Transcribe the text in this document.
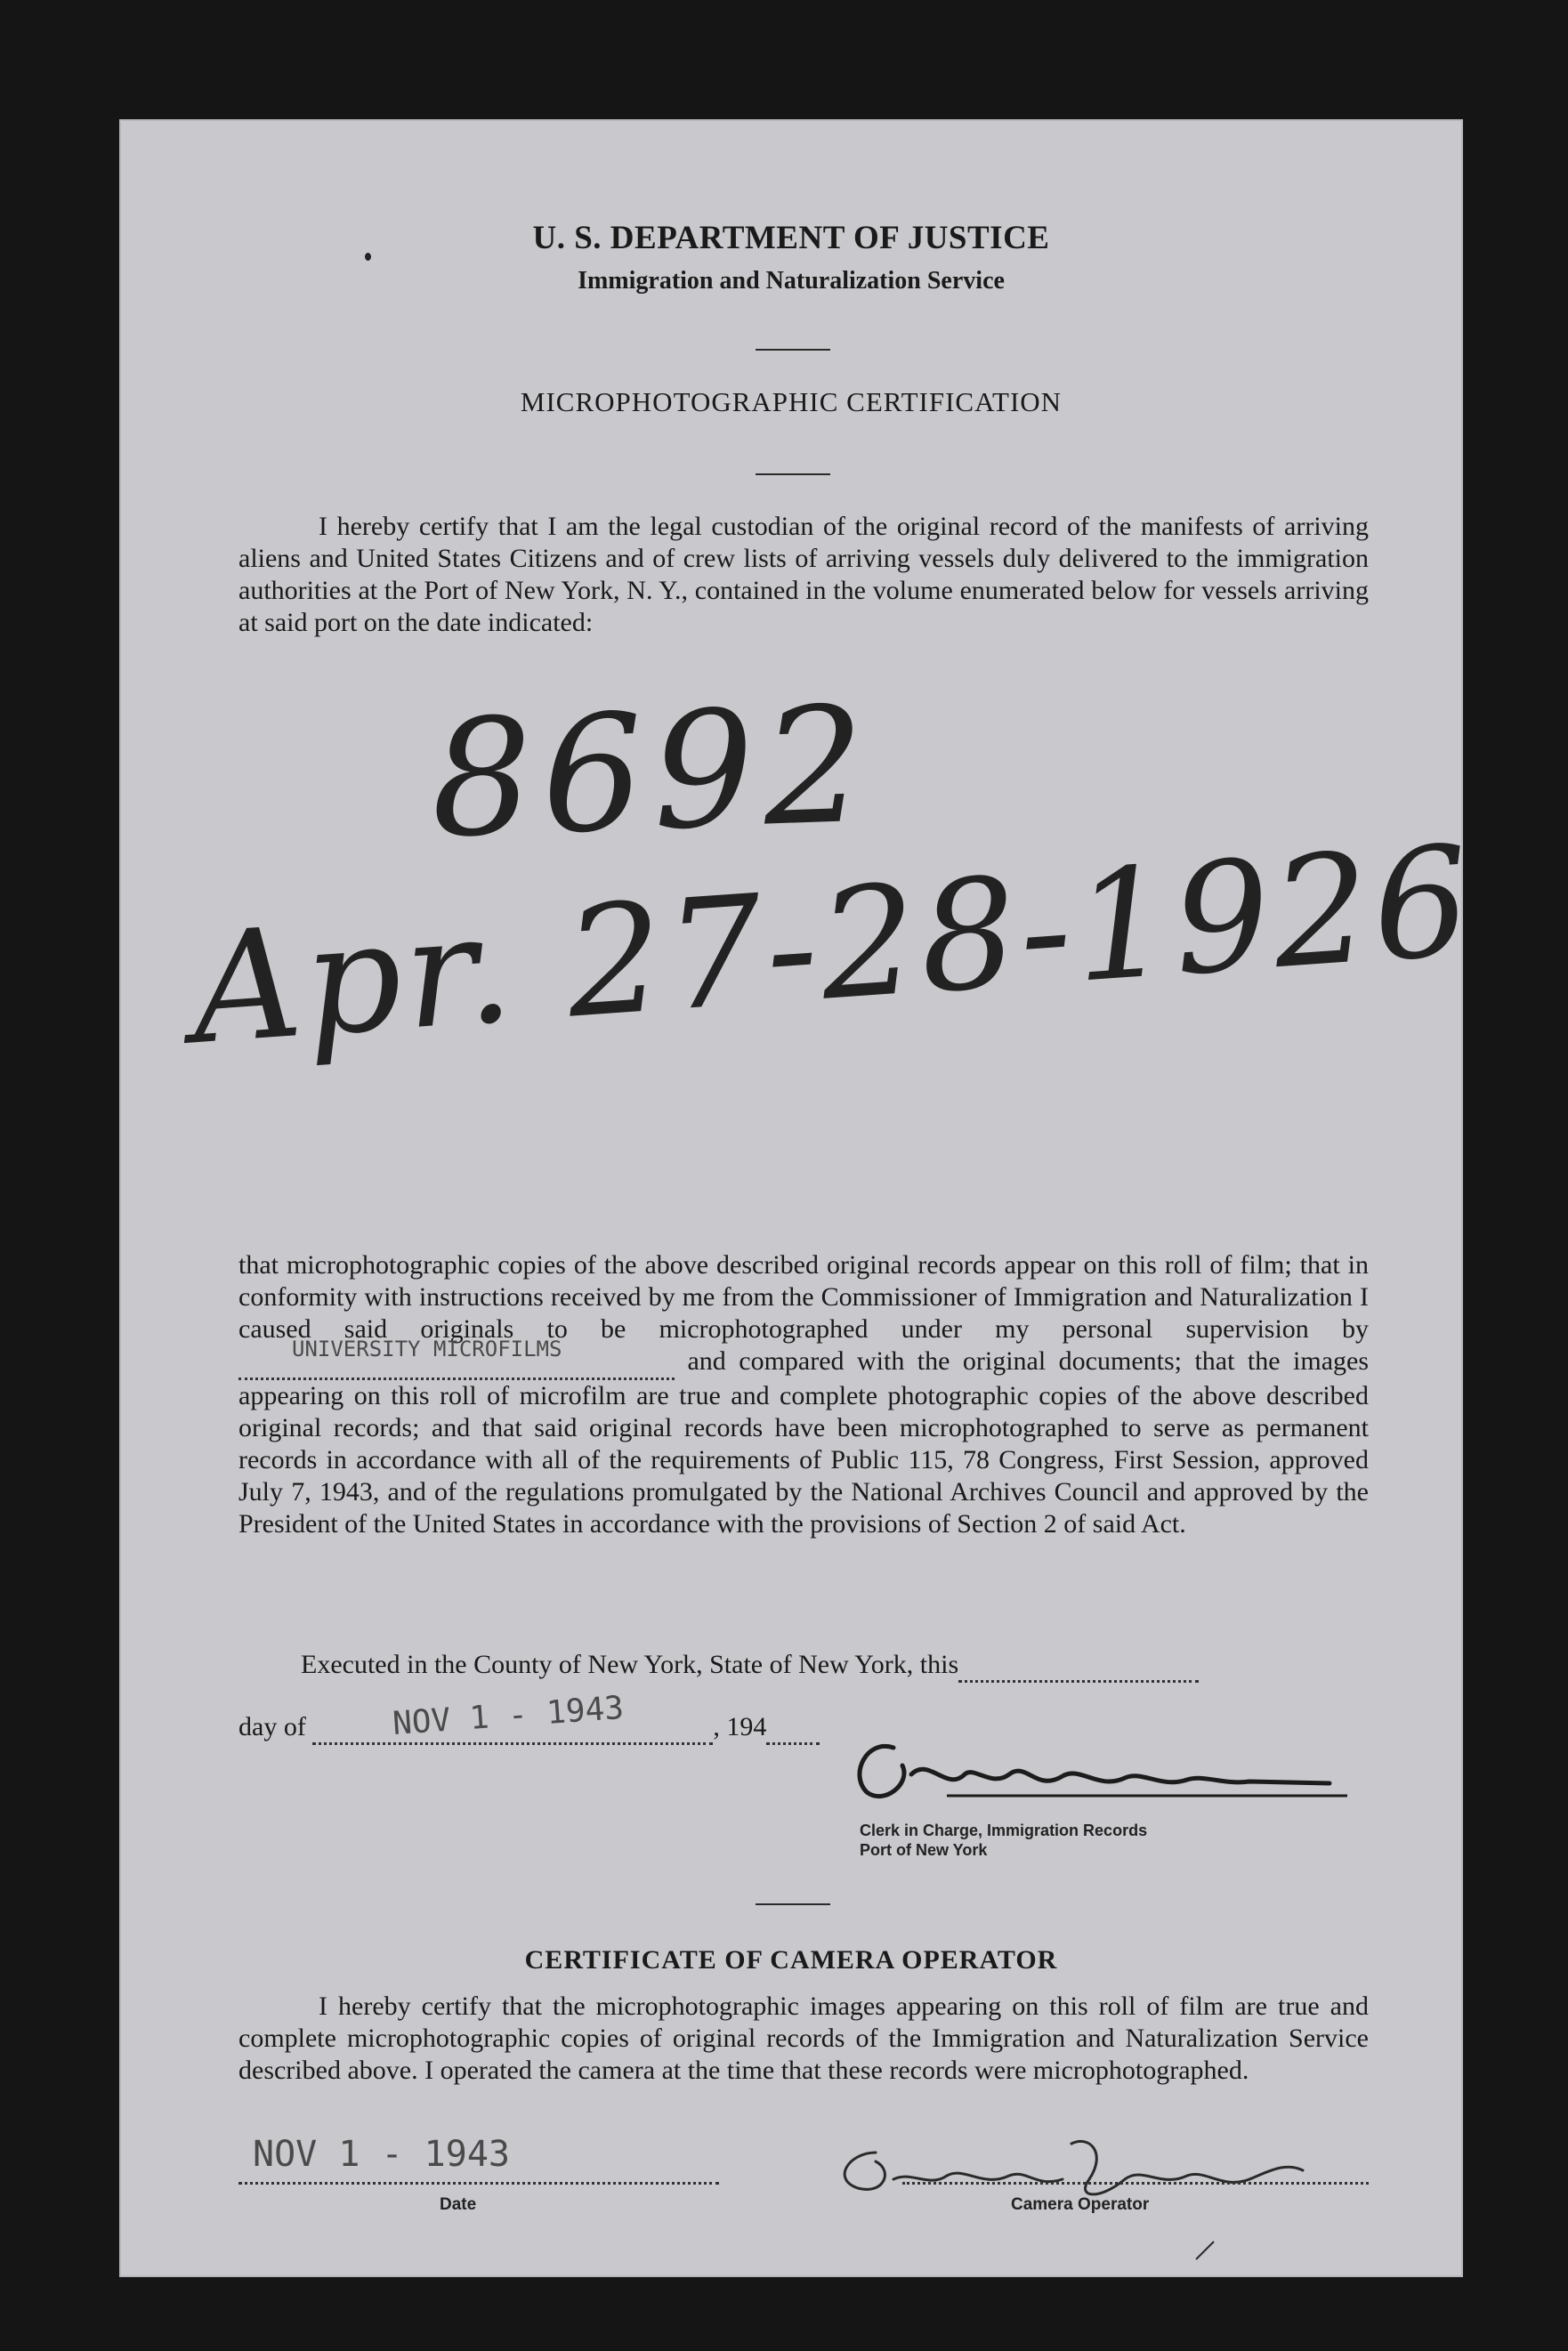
U. S. DEPARTMENT OF JUSTICE
Immigration and Naturalization Service
MICROPHOTOGRAPHIC CERTIFICATION
I hereby certify that I am the legal custodian of the original record of the manifests of arriving aliens and United States Citizens and of crew lists of arriving vessels duly delivered to the immigration authorities at the Port of New York, N. Y., contained in the volume enumerated below for vessels arriving at said port on the date indicated:
8692
Apr. 27-28-1926
that microphotographic copies of the above described original records appear on this roll of film; that in conformity with instructions received by me from the Commissioner of Immigration and Naturalization I caused said originals to be microphotographed under my personal supervision by
UNIVERSITY MICROFILMS	and compared with the original documents; that the images appearing on this roll of microfilm are true and complete photographic copies of the above described original records; and that said original records have been microphotographed to serve as permanent records in accordance with all of the requirements of Public 115, 78 Congress, First Session, approved July 7, 1943, and of the regulations promulgated by the National Archives Council and approved by the President of the United States in accordance with the provisions of Section 2 of said Act.
Executed in the County of New York, State of New York, this
day of	NOV 1 - 1943	, 194
Clerk in Charge, Immigration Records
Port of New York
CERTIFICATE OF CAMERA OPERATOR
I hereby certify that the microphotographic images appearing on this roll of film are true and complete microphotographic copies of original records of the Immigration and Naturalization Service described above. I operated the camera at the time that these records were microphotographed.
NOV 1 - 1943
Date	Camera Operator
